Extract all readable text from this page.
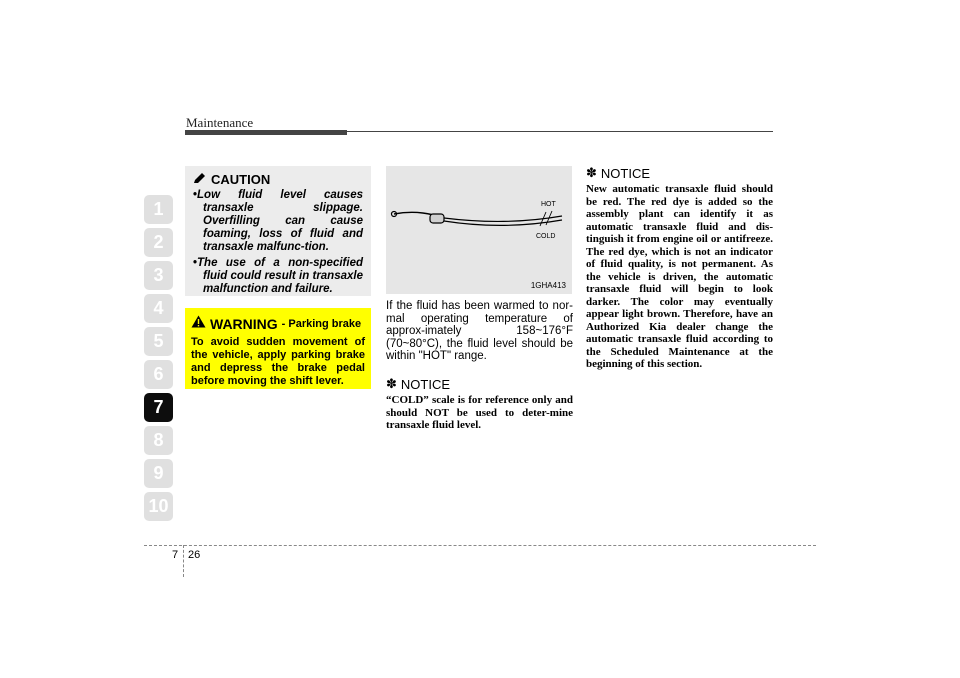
Maintenance
1
2
3
4
5
6
7
8
9
10
CAUTION
• Low fluid level causes transaxle slippage. Overfilling can cause foaming, loss of fluid and transaxle malfunc-tion.
• The use of a non-specified fluid could result in transaxle malfunction and failure.
WARNING - Parking brake
To avoid sudden movement of the vehicle, apply parking brake and depress the brake pedal before moving the shift lever.
HOT
COLD
1GHA413
If the fluid has been warmed to nor-mal operating temperature of approx-imately 158~176°F (70~80°C), the fluid level should be within "HOT" range.
✽ NOTICE
“COLD” scale is for reference only and should NOT be used to deter-mine transaxle fluid level.
✽ NOTICE
New automatic transaxle fluid should be red. The red dye is added so the assembly plant can identify it as automatic transaxle fluid and dis-tinguish it from engine oil or antifreeze. The red dye, which is not an indicator of fluid quality, is not permanent. As the vehicle is driven, the automatic transaxle fluid will begin to look darker. The color may eventually appear light brown. Therefore, have an Authorized Kia dealer change the automatic transaxle fluid according to the Scheduled Maintenance at the beginning of this section.
7 26
